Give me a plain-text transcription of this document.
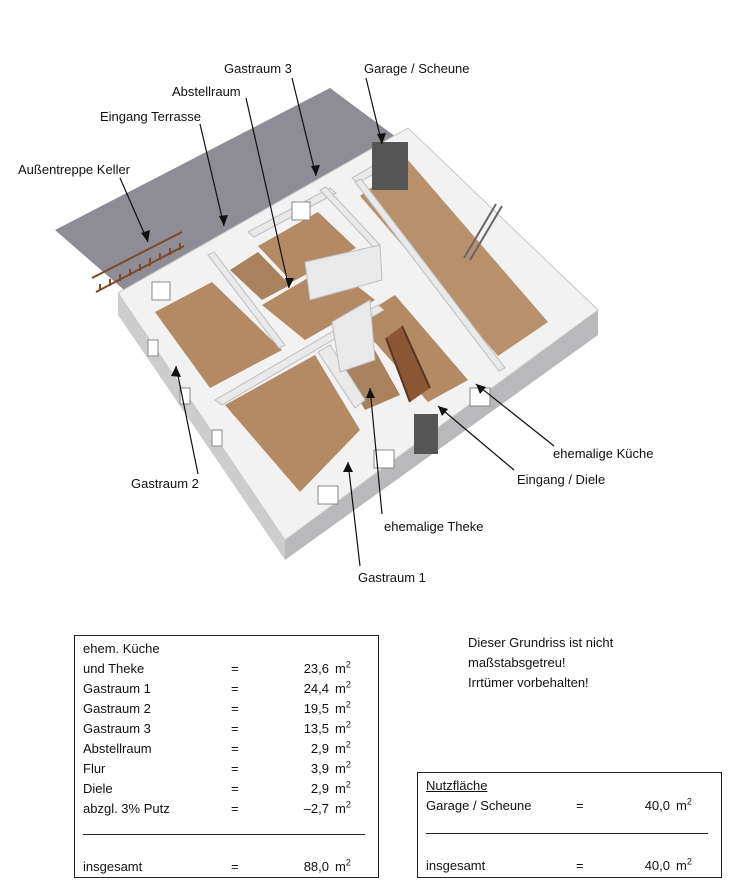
Gastraum 3	Garage / Scheune
Abstellraum
Eingang Terrasse
Außentreppe Keller
ehemalige Küche
Eingang / Diele
Gastraum 2
ehemalige Theke
Gastraum 1
ehem. Küche
und Theke	=	23,6 $m^2$
Gastraum 1	=	24,4 $m^2$
Gastraum 2	=	19,5 $m^2$
Gastraum 3	=	13,5 $m^2$
Abstellraum	=	2,9 $m^2$
Flur	=	3,9 $m^2$
Diele	=	2,9 $m^2$
abzgl. 3% Putz	=	–2,7 $m^2$
insgesamt	=	88,0 $m^2$
Dieser Grundriss ist nicht
maßstabsgetreu!
Irrtümer vorbehalten!
Nutzfläche
Garage / Scheune	=	40,0 $m^2$
insgesamt	=	40,0 $m^2$
